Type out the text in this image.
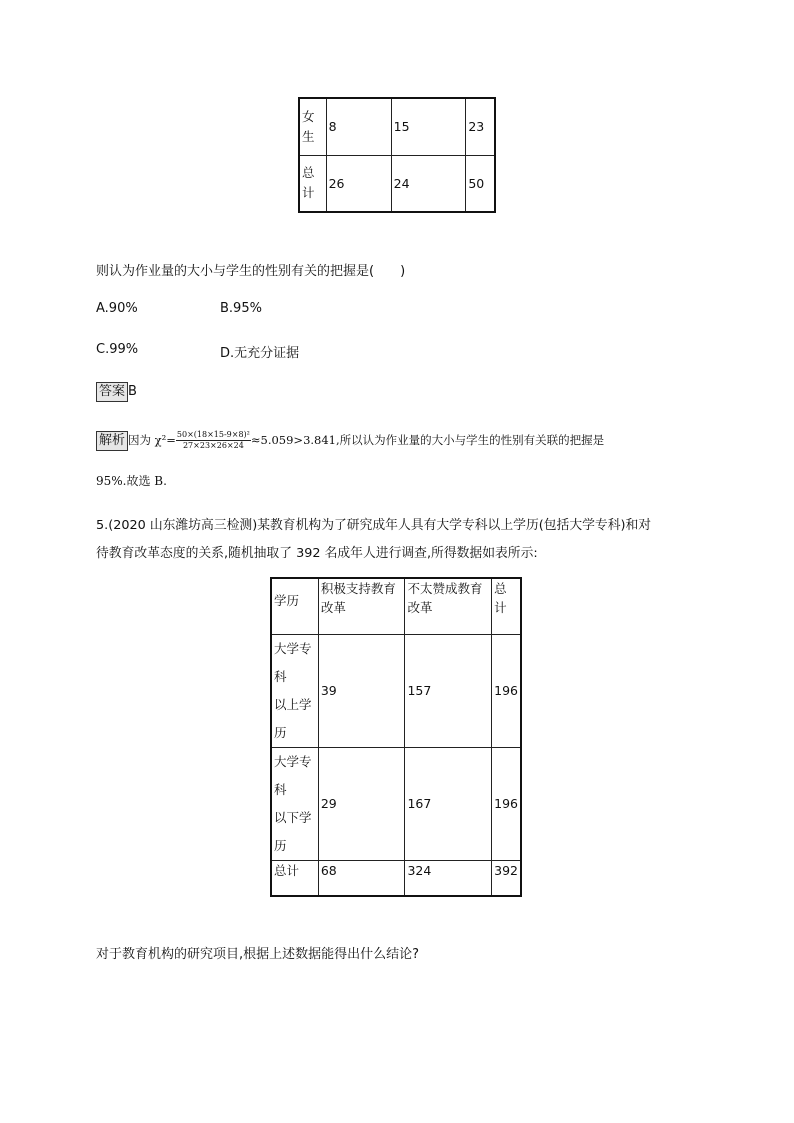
女
生	8	15	23
总
计	26	24	50
则认为作业量的大小与学生的性别有关的把握是(　　)
A.90%	B.95%
C.99%	D.无充分证据
答案 B
解析 因为 $\chi^2= \frac{\text{50×(18×15-9×8)²}}{27\times 23\times 26\times 24} \approx 5.059>3.841$,所以认为作业量的大小与学生的性别有关联的把握是
95%.故选 B.
5.(2020 山东潍坊高三检测)某教育机构为了研究成年人具有大学专科以上学历(包括大学专科)和对
待教育改革态度的关系,随机抽取了 392 名成年人进行调查,所得数据如表所示:
学历	积极支持教育改革	不太赞成教育改革	总计
大学专
科
以上学
历	39	157	196
大学专
科
以下学
历	29	167	196
总计	68	324	392
对于教育机构的研究项目,根据上述数据能得出什么结论?
